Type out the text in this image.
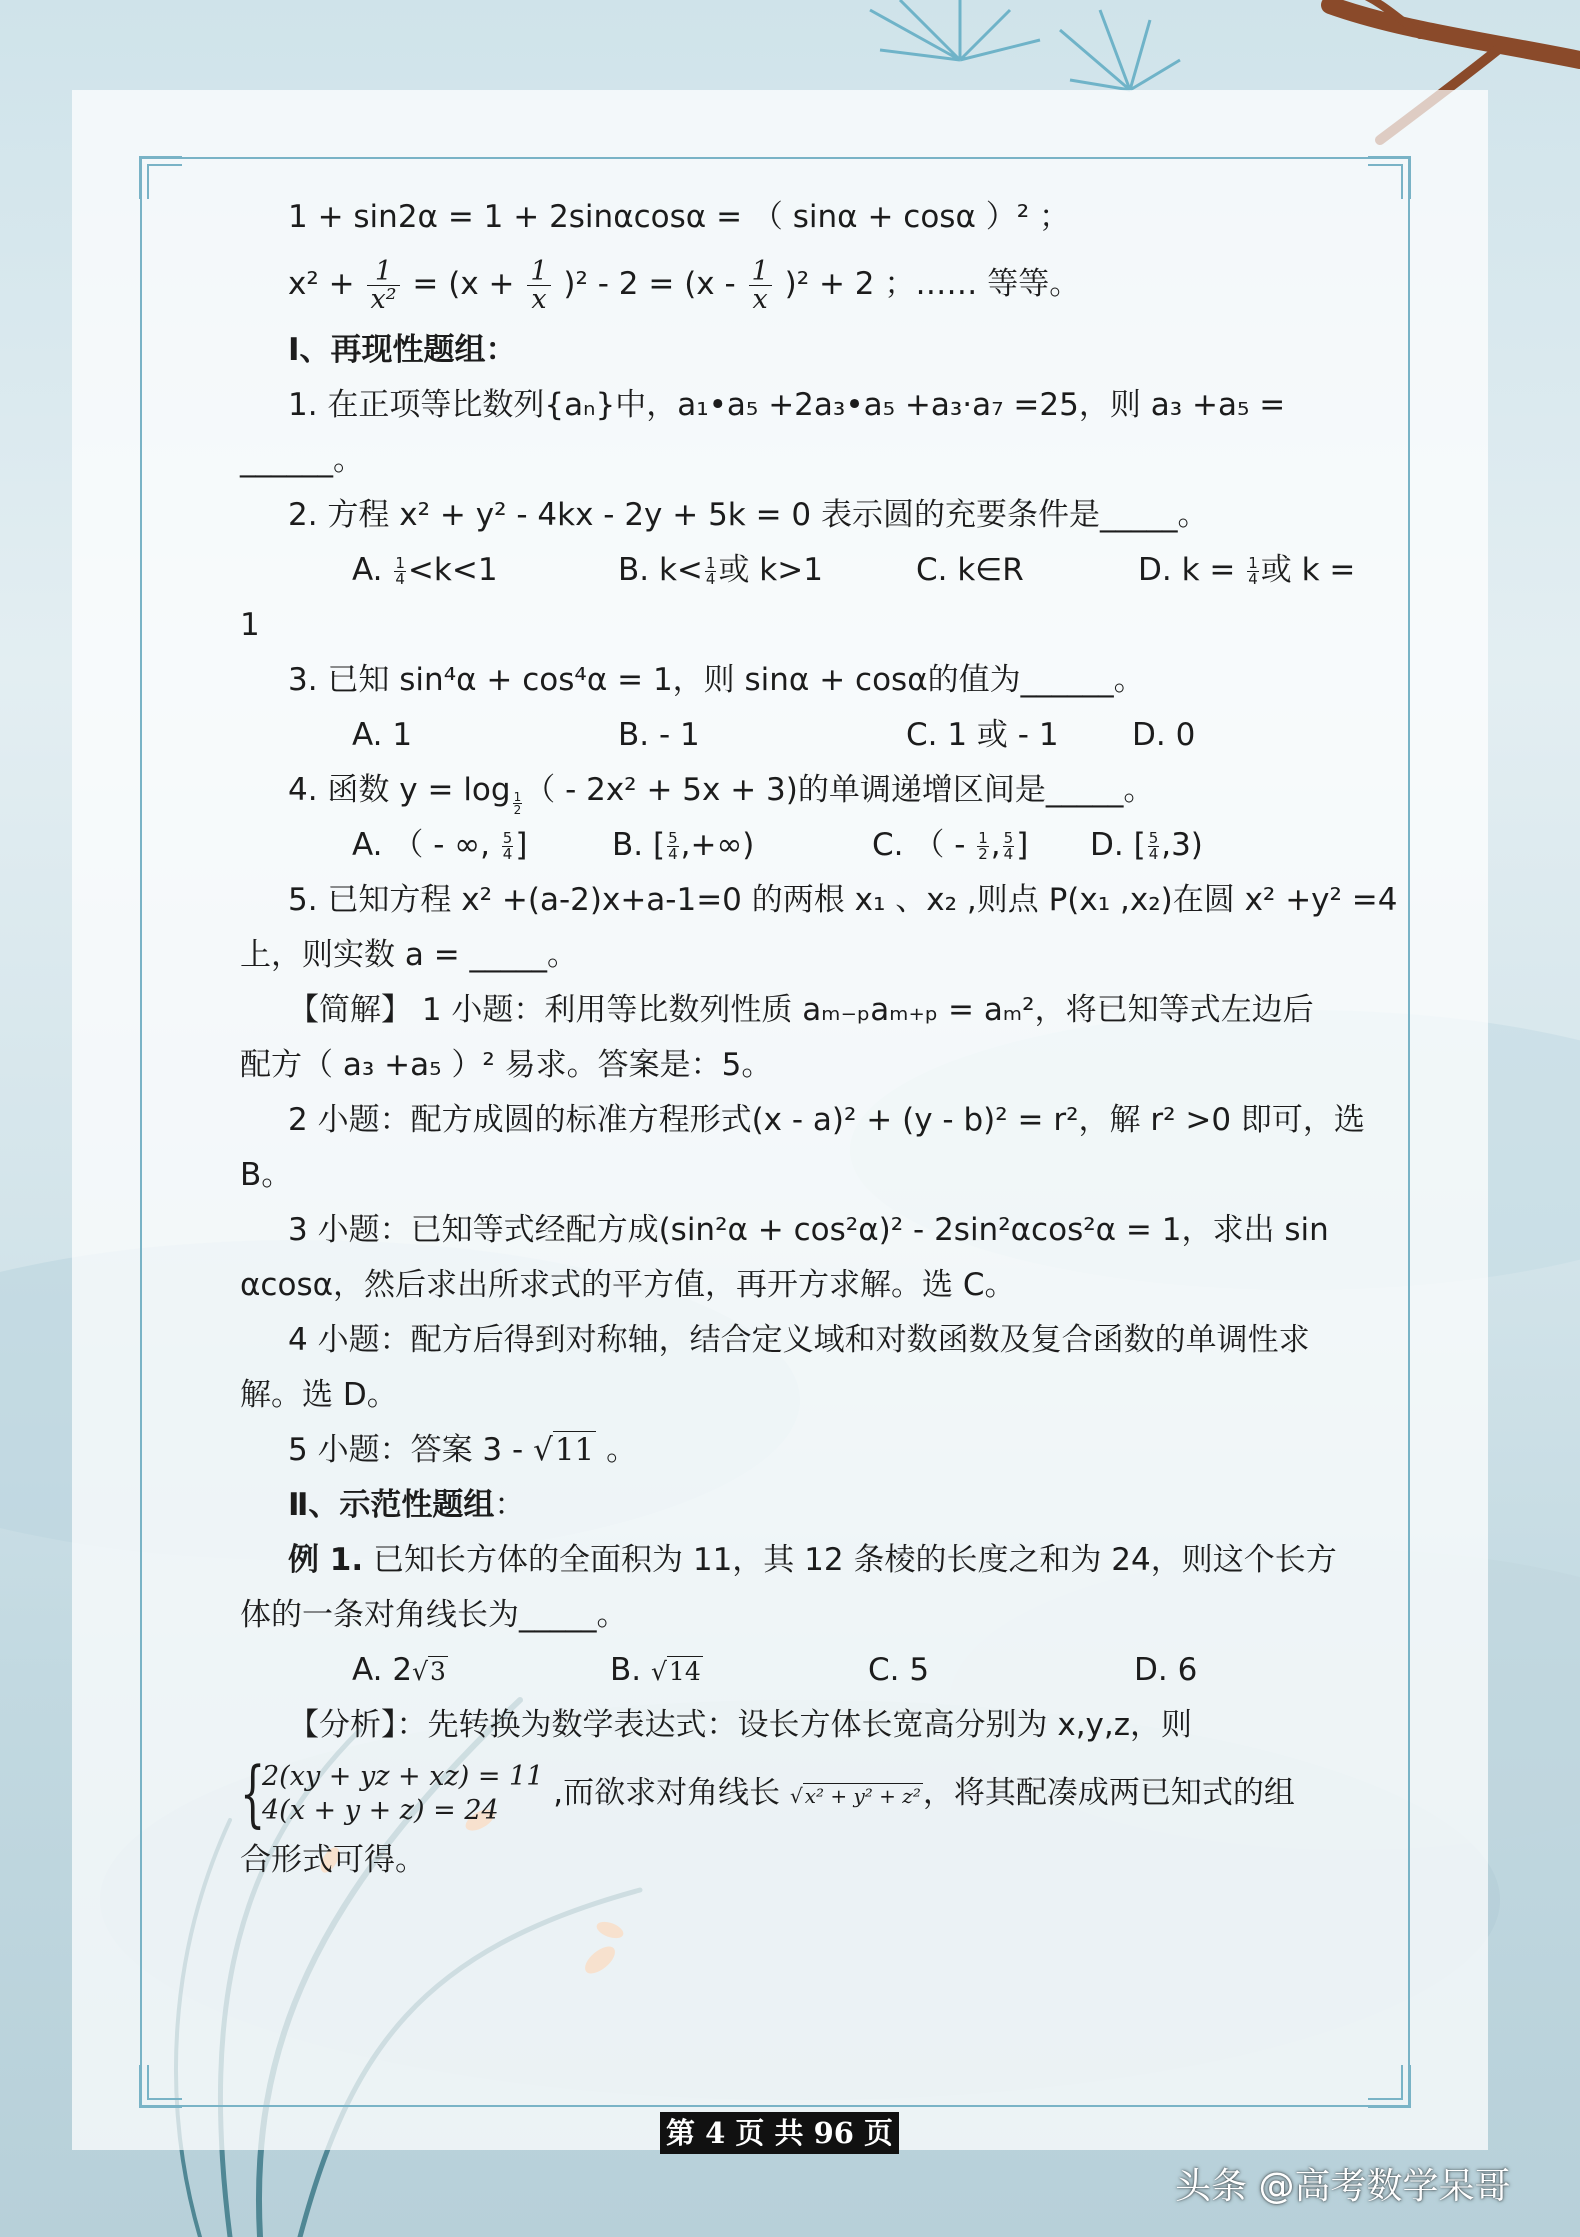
1 + sin2α = 1 + 2sinαcosα = （ sinα + cosα ）² ；
$x^2 + \frac{1}{\text{x²}} = (x + \frac{1}{x} )^2 - 2 = (x - \frac{1}{x} )^2 + 2$ ；…… 等等。
Ⅰ、再现性题组：
1. 在正项等比数列{aₙ}中，a₁•a₅ +2a₃•a₅ +a₃·a₇ =25，则 a₃ +a₅ =
______。
2. 方程 x² + y² - 4kx - 2y + 5k = 0 表示圆的充要条件是_____。
A. $\frac{1}{4} <k<1$	B. $k< \frac{1}{4}$ 或 k>1	C. k∈R	D. $k = \frac{1}{4}$ 或 k =
1
3. 已知 sin⁴α + cos⁴α = 1，则 sinα + cosα的值为______。
A. 1	B. - 1	C. 1 或 - 1 D. 0
4. 函数 $y = \log \frac{1}{2}$ （ - 2x² + 5x + 3)的单调递增区间是_____。
A. （ - ∞, $\frac{5}{4}$ ]	B. [ $\frac{5}{4}$ ,+∞)	C. （ - $\frac{1}{2}$ , $\frac{5}{4}$ ] D. [ $\frac{5}{4} ,3$)
5. 已知方程 x² +(a-2)x+a-1=0 的两根 x₁ 、x₂ ,则点 P(x₁ ,x₂)在圆 x² +y² =4
上，则实数 a = _____。
【简解】 1 小题：利用等比数列性质 aₘ₋ₚaₘ₊ₚ = aₘ²，将已知等式左边后
配方（ a₃ +a₅ ）² 易求。答案是：5。
2 小题：配方成圆的标准方程形式(x - a)² + (y - b)² = r²，解 r² >0 即可，选
B。
3 小题：已知等式经配方成(sin²α + cos²α)² - 2sin²αcos²α = 1，求出 sin
αcosα，然后求出所求式的平方值，再开方求解。选 C。
4 小题：配方后得到对称轴，结合定义域和对数函数及复合函数的单调性求
解。选 D。
5 小题：答案 3 - √11 。
Ⅱ、示范性题组：
例 1. 已知长方体的全面积为 11，其 12 条棱的长度之和为 24，则这个长方
体的一条对角线长为_____。
A. 2√3	B. √14	C. 5	D. 6
【分析】：先转换为数学表达式：设长方体长宽高分别为 x,y,z，则
{
2(xy + yz + xz) = 11
4(x + y + z) = 24	,而欲求对角线长 √ x² + y² + z²，将其配凑成两已知式的组
合形式可得。
第 4 页 共 96 页
头条 @高考数学呆哥
